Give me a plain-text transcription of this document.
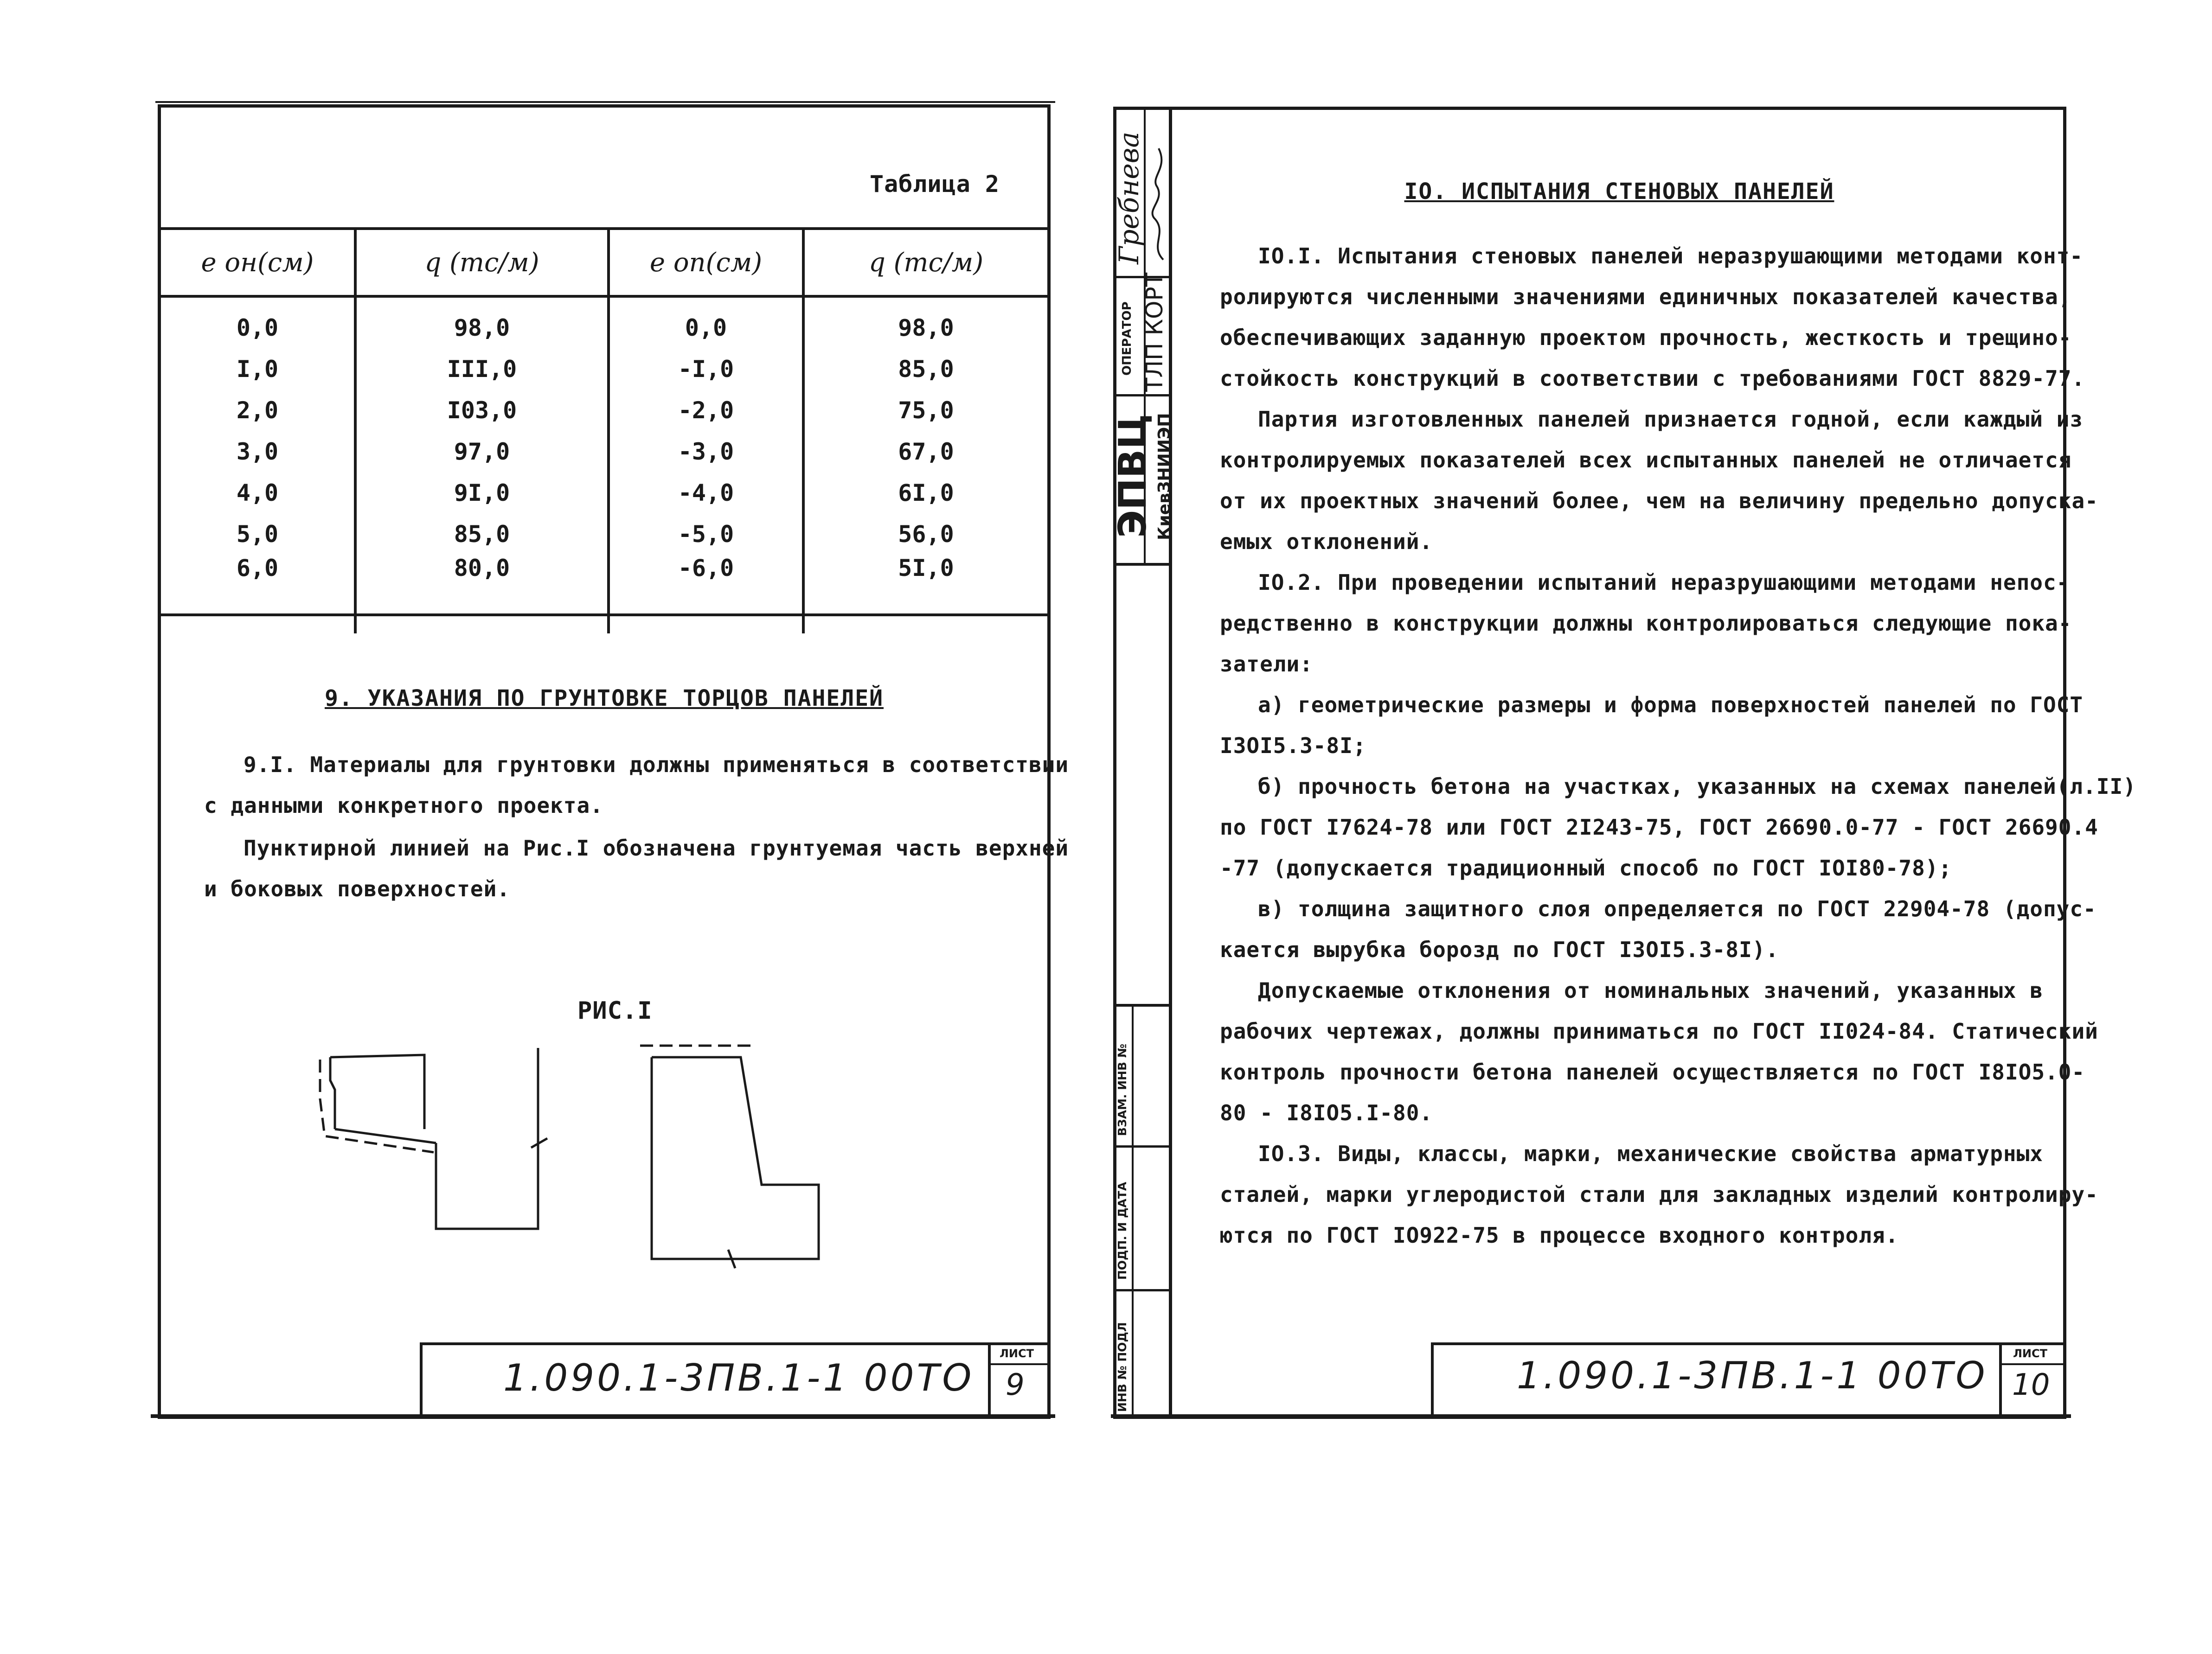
Таблица 2
e он(см)	q (тс/м)	e оп(см)	q (тс/м)
0,0	98,0	0,0	98,0
I,0	III,0	-I,0	85,0
2,0	I03,0	-2,0	75,0
3,0	97,0	-3,0	67,0
4,0	9I,0	-4,0	6I,0
5,0	85,0	-5,0	56,0
6,0	80,0	-6,0	5I,0
9. УКАЗАНИЯ ПО ГРУНТОВКЕ ТОРЦОВ ПАНЕЛЕЙ
9.I. Материалы для грунтовки должны применяться в соответствии
с данными конкретного проекта.
Пунктирной линией на Рис.I обозначена грунтуемая часть верхней
и боковых поверхностей.
РИС.I
1.090.1-3ПВ.1-1 00ТО
ЛИСТ
9
Гребнева
ОПЕРАТОР ТЛП КОРТ
ЭПВЦ КиевЗНИИЭП
ВЗАМ. ИНВ №
ПОДП. И ДАТА
ИНВ № ПОДЛ
IO. ИСПЫТАНИЯ СТЕНОВЫХ ПАНЕЛЕЙ
IO.I. Испытания стеновых панелей неразрушающими методами конт-
ролируются численными значениями единичных показателей качества,
обеспечивающих заданную проектом прочность, жесткость и трещино-
стойкость конструкций в соответствии с требованиями ГОСТ 8829-77.
Партия изготовленных панелей признается годной, если каждый из
контролируемых показателей всех испытанных панелей не отличается
от их проектных значений более, чем на величину предельно допуска-
емых отклонений.
IO.2. При проведении испытаний неразрушающими методами непос-
редственно в конструкции должны контролироваться следующие пока-
затели:
а) геометрические размеры и форма поверхностей панелей по ГОСТ
I3OI5.3-8I;
б) прочность бетона на участках, указанных на схемах панелей(л.II)
по ГОСТ I7624-78 или ГОСТ 2I243-75, ГОСТ 26690.0-77 - ГОСТ 26690.4
-77 (допускается традиционный способ по ГОСТ IOI80-78);
в) толщина защитного слоя определяется по ГОСТ 22904-78 (допус-
кается вырубка борозд по ГОСТ I3OI5.3-8I).
Допускаемые отклонения от номинальных значений, указанных в
рабочих чертежах, должны приниматься по ГОСТ II024-84. Статический
контроль прочности бетона панелей осуществляется по ГОСТ I8IO5.0-
80 - I8IO5.I-80.
IO.3. Виды, классы, марки, механические свойства арматурных
сталей, марки углеродистой стали для закладных изделий контролиру-
ются по ГОСТ IO922-75 в процессе входного контроля.
1.090.1-3ПВ.1-1 00ТО
ЛИСТ
10
